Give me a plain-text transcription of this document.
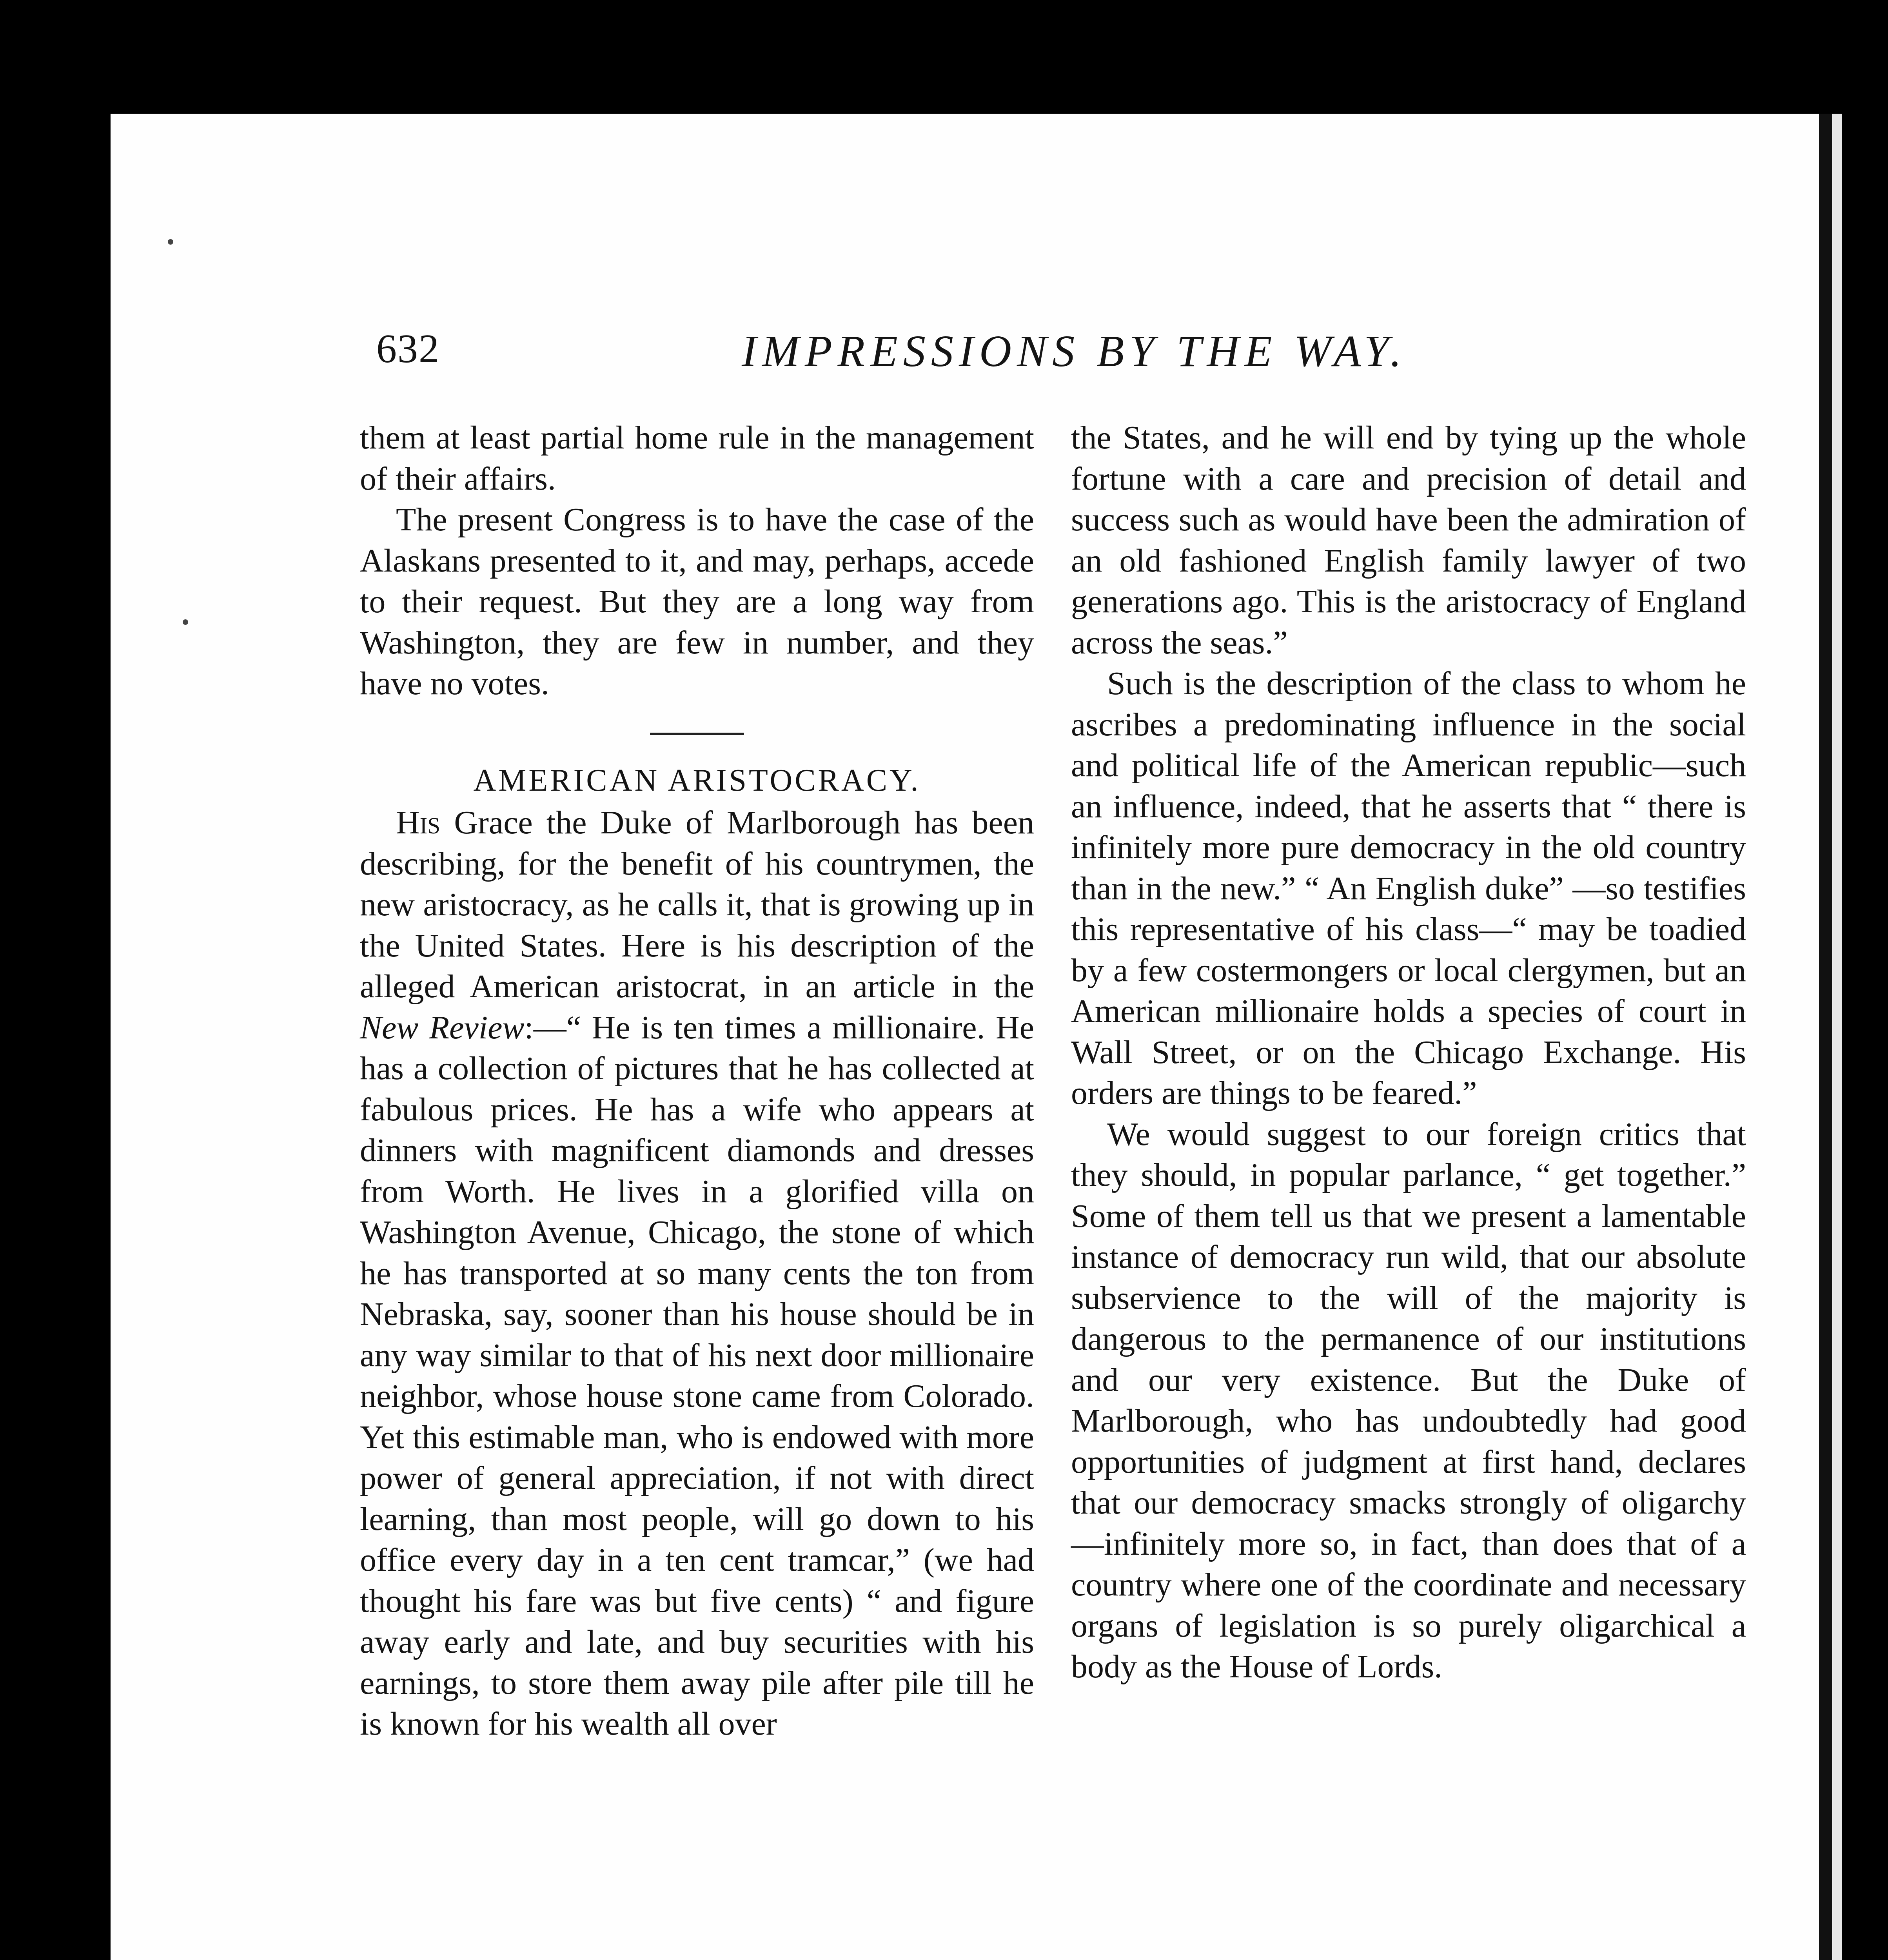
632	IMPRESSIONS BY THE WAY.

them at least partial home rule in the management of their affairs.

The present Congress is to have the case of the Alaskans presented to it, and may, perhaps, accede to their request. But they are a long way from Washington, they are few in number, and they have no votes.

AMERICAN ARISTOCRACY.

His Grace the Duke of Marlborough has been describing, for the benefit of his countrymen, the new aristocracy, as he calls it, that is growing up in the United States. Here is his description of the alleged American aristocrat, in an article in the New Review:—“ He is ten times a millionaire. He has a collection of pictures that he has collected at fabulous prices. He has a wife who appears at dinners with magnificent diamonds and dresses from Worth. He lives in a glorified villa on Washington Avenue, Chicago, the stone of which he has transported at so many cents the ton from Nebraska, say, sooner than his house should be in any way similar to that of his next door millionaire neighbor, whose house stone came from Colorado. Yet this estimable man, who is endowed with more power of general appreciation, if not with direct learning, than most people, will go down to his office every day in a ten cent tramcar,” (we had thought his fare was but five cents) “ and figure away early and late, and buy securities with his earnings, to store them away pile after pile till he is known for his wealth all over

the States, and he will end by tying up the whole fortune with a care and precision of detail and success such as would have been the admiration of an old fashioned English family lawyer of two generations ago. This is the aristocracy of England across the seas.”

Such is the description of the class to whom he ascribes a predominating influence in the social and political life of the American republic—such an influence, indeed, that he asserts that “ there is infinitely more pure democracy in the old country than in the new.” “ An English duke” —so testifies this representative of his class—“ may be toadied by a few costermongers or local clergymen, but an American millionaire holds a species of court in Wall Street, or on the Chicago Exchange. His orders are things to be feared.”

We would suggest to our foreign critics that they should, in popular parlance, “ get together.” Some of them tell us that we present a lamentable instance of democracy run wild, that our absolute subservience to the will of the majority is dangerous to the permanence of our institutions and our very existence. But the Duke of Marlborough, who has undoubtedly had good opportunities of judgment at first hand, declares that our democracy smacks strongly of oligarchy—infinitely more so, in fact, than does that of a country where one of the coordinate and necessary organs of legislation is so purely oligarchical a body as the House of Lords.
